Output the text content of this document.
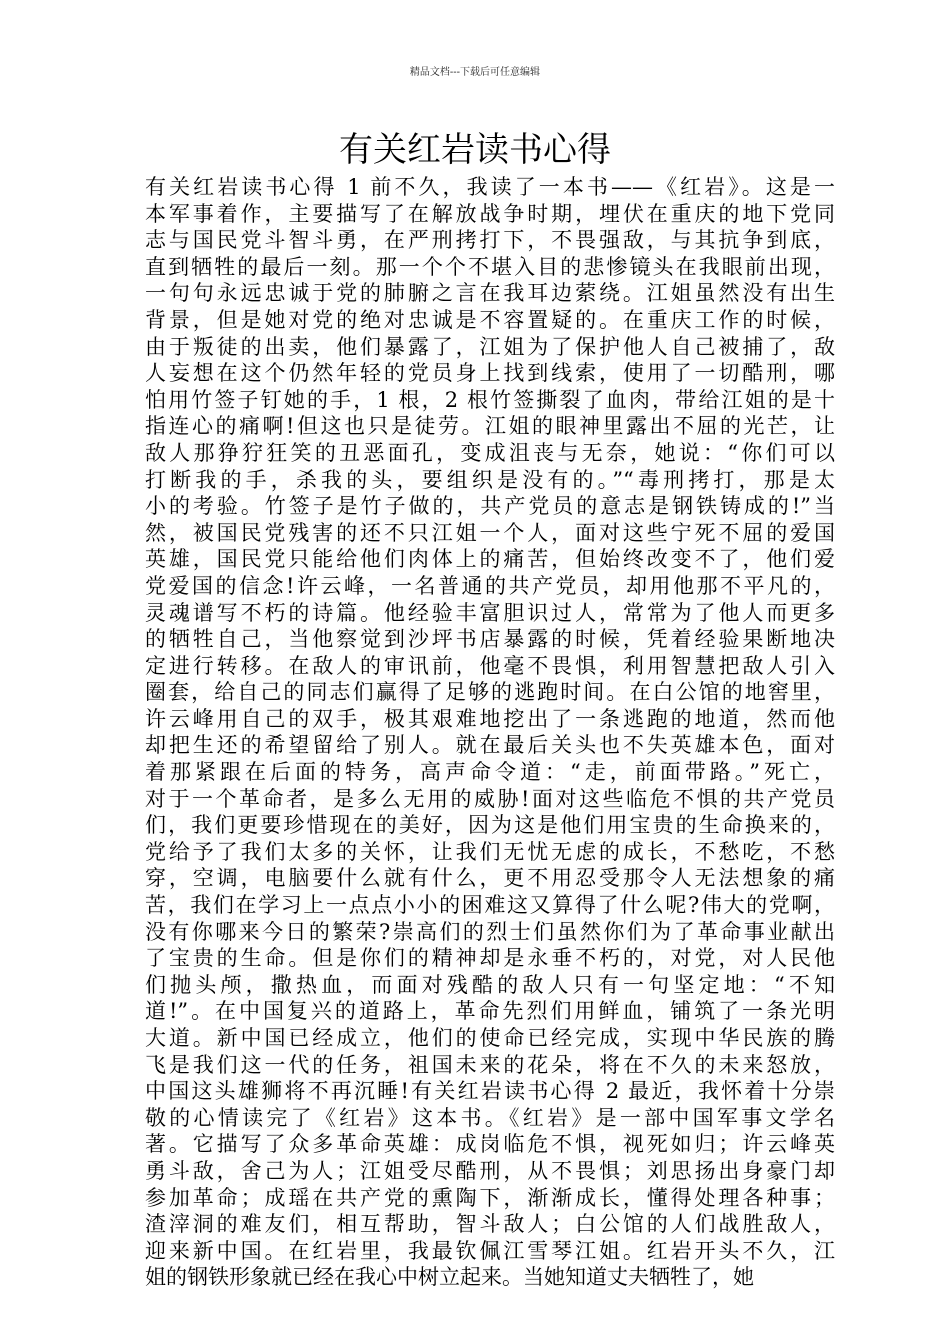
精品文档---下载后可任意编辑
有关红岩读书心得
有关红岩读书心得 1 前不久，我读了一本书——《红岩》。这是一
本军事着作，主要描写了在解放战争时期，埋伏在重庆的地下党同
志与国民党斗智斗勇，在严刑拷打下，不畏强敌，与其抗争到底，
直到牺牲的最后一刻。那一个个不堪入目的悲惨镜头在我眼前出现，
一句句永远忠诚于党的肺腑之言在我耳边萦绕。江姐虽然没有出生
背景，但是她对党的绝对忠诚是不容置疑的。在重庆工作的时候，
由于叛徒的出卖，他们暴露了，江姐为了保护他人自己被捕了，敌
人妄想在这个仍然年轻的党员身上找到线索，使用了一切酷刑，哪
怕用竹签子钉她的手，1 根，2 根竹签撕裂了血肉，带给江姐的是十
指连心的痛啊!但这也只是徒劳。江姐的眼神里露出不屈的光芒，让
敌人那狰狞狂笑的丑恶面孔，变成沮丧与无奈，她说：“你们可以
打断我的手，杀我的头，要组织是没有的。”“毒刑拷打，那是太
小的考验。竹签子是竹子做的，共产党员的意志是钢铁铸成的!”当
然，被国民党残害的还不只江姐一个人，面对这些宁死不屈的爱国
英雄，国民党只能给他们肉体上的痛苦，但始终改变不了，他们爱
党爱国的信念!许云峰，一名普通的共产党员，却用他那不平凡的，
灵魂谱写不朽的诗篇。他经验丰富胆识过人，常常为了他人而更多
的牺牲自己，当他察觉到沙坪书店暴露的时候，凭着经验果断地决
定进行转移。在敌人的审讯前，他毫不畏惧，利用智慧把敌人引入
圈套，给自己的同志们赢得了足够的逃跑时间。在白公馆的地窖里，
许云峰用自己的双手，极其艰难地挖出了一条逃跑的地道，然而他
却把生还的希望留给了别人。就在最后关头也不失英雄本色，面对
着那紧跟在后面的特务，高声命令道：“走，前面带路。”死亡，
对于一个革命者，是多么无用的威胁!面对这些临危不惧的共产党员
们，我们更要珍惜现在的美好，因为这是他们用宝贵的生命换来的，
党给予了我们太多的关怀，让我们无忧无虑的成长，不愁吃，不愁
穿，空调，电脑要什么就有什么，更不用忍受那令人无法想象的痛
苦，我们在学习上一点点小小的困难这又算得了什么呢?伟大的党啊，
没有你哪来今日的繁荣?崇高们的烈士们虽然你们为了革命事业献出
了宝贵的生命。但是你们的精神却是永垂不朽的，对党，对人民他
们抛头颅，撒热血，而面对残酷的敌人只有一句坚定地：“不知
道!”。在中国复兴的道路上，革命先烈们用鲜血，铺筑了一条光明
大道。新中国已经成立，他们的使命已经完成，实现中华民族的腾
飞是我们这一代的任务，祖国未来的花朵，将在不久的未来怒放，
中国这头雄狮将不再沉睡!有关红岩读书心得 2 最近，我怀着十分崇
敬的心情读完了《红岩》这本书。《红岩》是一部中国军事文学名
著。它描写了众多革命英雄：成岗临危不惧，视死如归；许云峰英
勇斗敌，舍己为人；江姐受尽酷刑，从不畏惧；刘思扬出身豪门却
参加革命；成瑶在共产党的熏陶下，渐渐成长，懂得处理各种事；
渣滓洞的难友们，相互帮助，智斗敌人；白公馆的人们战胜敌人，
迎来新中国。在红岩里，我最钦佩江雪琴江姐。红岩开头不久，江
姐的钢铁形象就已经在我心中树立起来。当她知道丈夫牺牲了，她
